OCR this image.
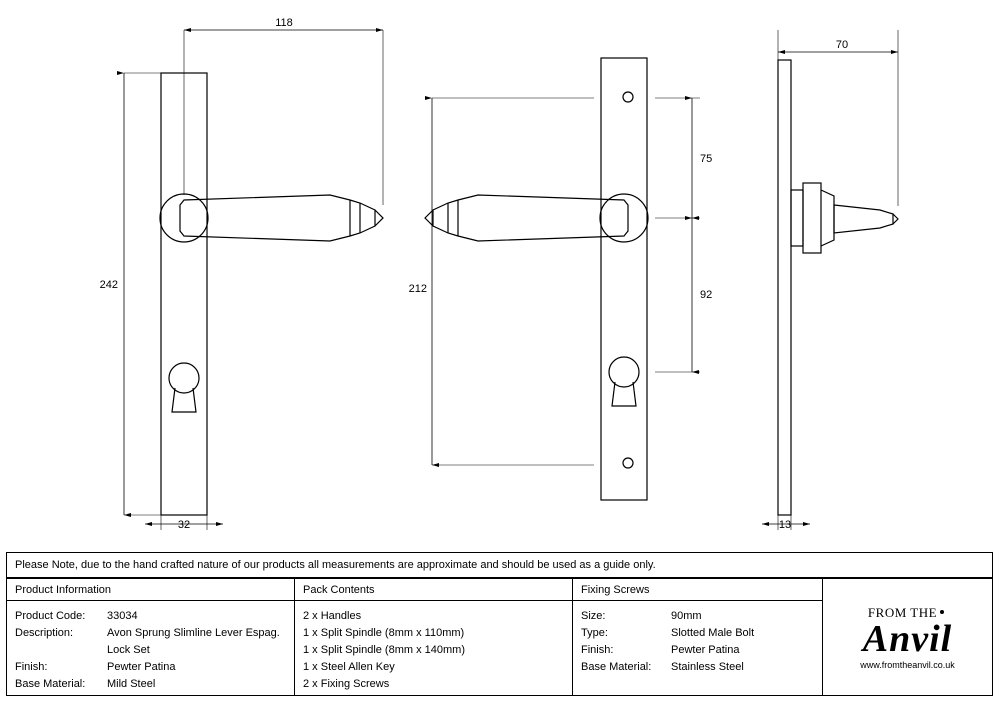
118
242
32
212
75
92
70
13
Please Note, due to the hand crafted nature of our products all measurements are approximate and should be used as a guide only.
Product Information
Product Code:	33034
Description:	Avon Sprung Slimline Lever Espag. Lock Set
Finish:	Pewter Patina
Base Material:	Mild Steel
Pack Contents
2 x Handles
1 x Split Spindle (8mm x 110mm)
1 x Split Spindle (8mm x 140mm)
1 x Steel Allen Key
2 x Fixing Screws
Fixing Screws
Size:	90mm
Type:	Slotted Male Bolt
Finish:	Pewter Patina
Base Material:	Stainless Steel
FROM THE
Anvil
www.fromtheanvil.co.uk
